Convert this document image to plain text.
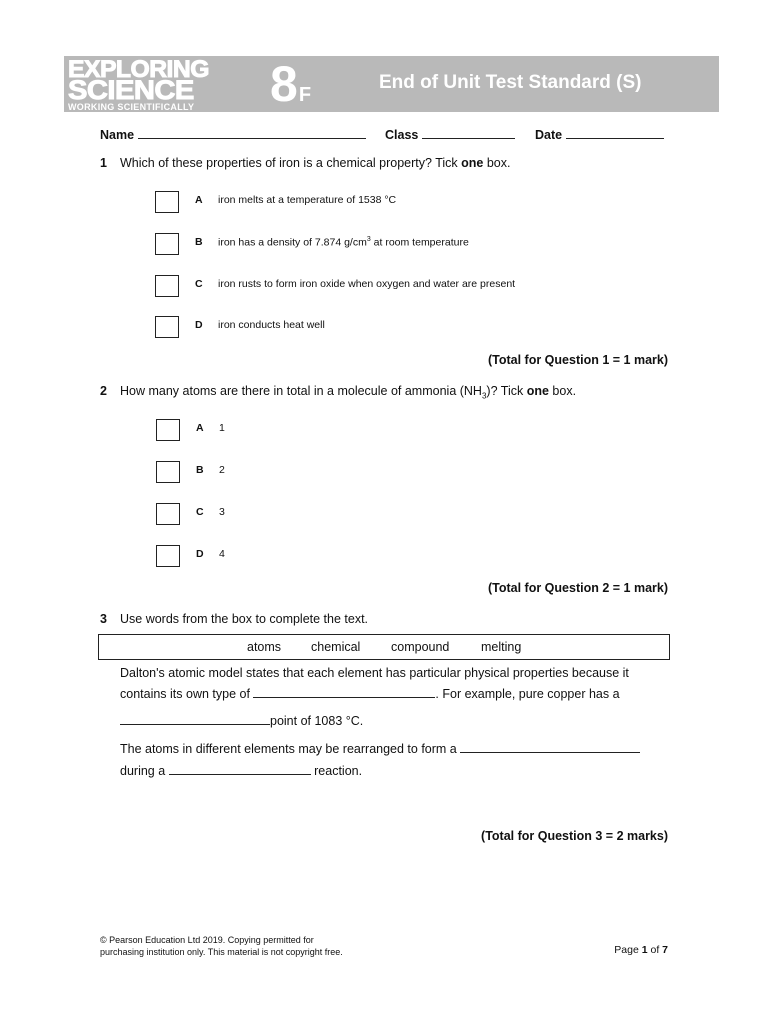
EXPLORING
SCIENCE
WORKING SCIENTIFICALLY	8F
End of Unit Test Standard (S)
Name	Class	Date
1 Which of these properties of iron is a chemical property? Tick one box.
A iron melts at a temperature of 1538 °C
B iron has a density of 7.874 $g/cm^3$ at room temperature
C iron rusts to form iron oxide when oxygen and water are present
D iron conducts heat well
(Total for Question 1 = 1 mark)
2 How many atoms are there in total in a molecule of ammonia $(NH_3)$? Tick one box.
A 1
B 2
C 3
D 4
(Total for Question 2 = 1 mark)
3 Use words from the box to complete the text.
atoms chemical compound	melting
Dalton's atomic model states that each element has particular physical properties because it
contains its own type of	. For example, pure copper has a
point of 1083 °C.
The atoms in different elements may be rearranged to form a
during a	reaction.
(Total for Question 3 = 2 marks)
© Pearson Education Ltd 2019. Copying permitted for
purchasing institution only. This material is not copyright free.	Page 1 of 7
